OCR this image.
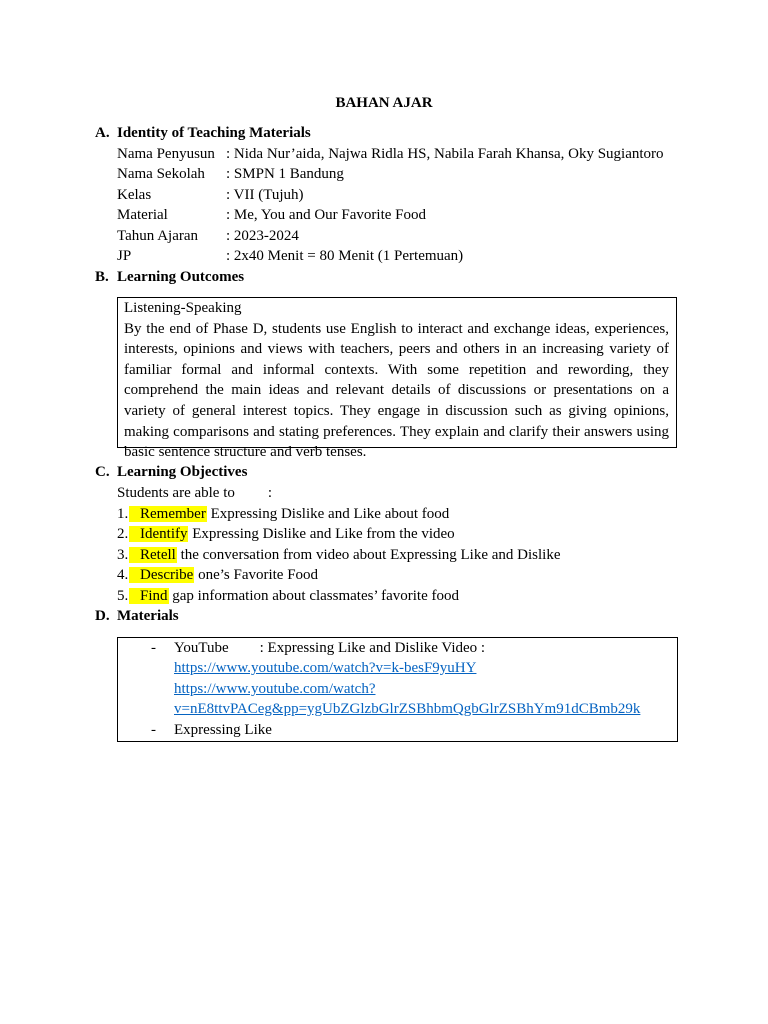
BAHAN AJAR
A. Identity of Teaching Materials
Nama Penyusun : Nida Nur’aida, Najwa Ridla HS, Nabila Farah Khansa, Oky Sugiantoro
Nama Sekolah : SMPN 1 Bandung
Kelas	: VII (Tujuh)
Material	: Me, You and Our Favorite Food
Tahun Ajaran : 2023-2024
JP	: 2x40 Menit = 80 Menit (1 Pertemuan)
B. Learning Outcomes
Listening-Speaking
By the end of Phase D, students use English to interact and exchange ideas, experiences, interests, opinions and views with teachers, peers and others in an increasing variety of familiar formal and informal contexts. With some repetition and rewording, they comprehend the main ideas and relevant details of discussions or presentations on a variety of general interest topics. They engage in discussion such as giving opinions, making comparisons and stating preferences. They explain and clarify their answers using basic sentence structure and verb tenses.
C. Learning Objectives
Students are able to :
1. Remember Expressing Dislike and Like about food
2. Identify Expressing Dislike and Like from the video
3. Retell the conversation from video about Expressing Like and Dislike
4. Describe one’s Favorite Food
5. Find gap information about classmates’ favorite food
D. Materials
- YouTube : Expressing Like and Dislike Video :
https://www.youtube.com/watch?v=k-besF9yuHY
https://www.youtube.com/watch?
v=nE8ttvPACeg&pp=ygUbZGlzbGlrZSBhbmQgbGlrZSBhYm91dCBmb29k
- Expressing Like
